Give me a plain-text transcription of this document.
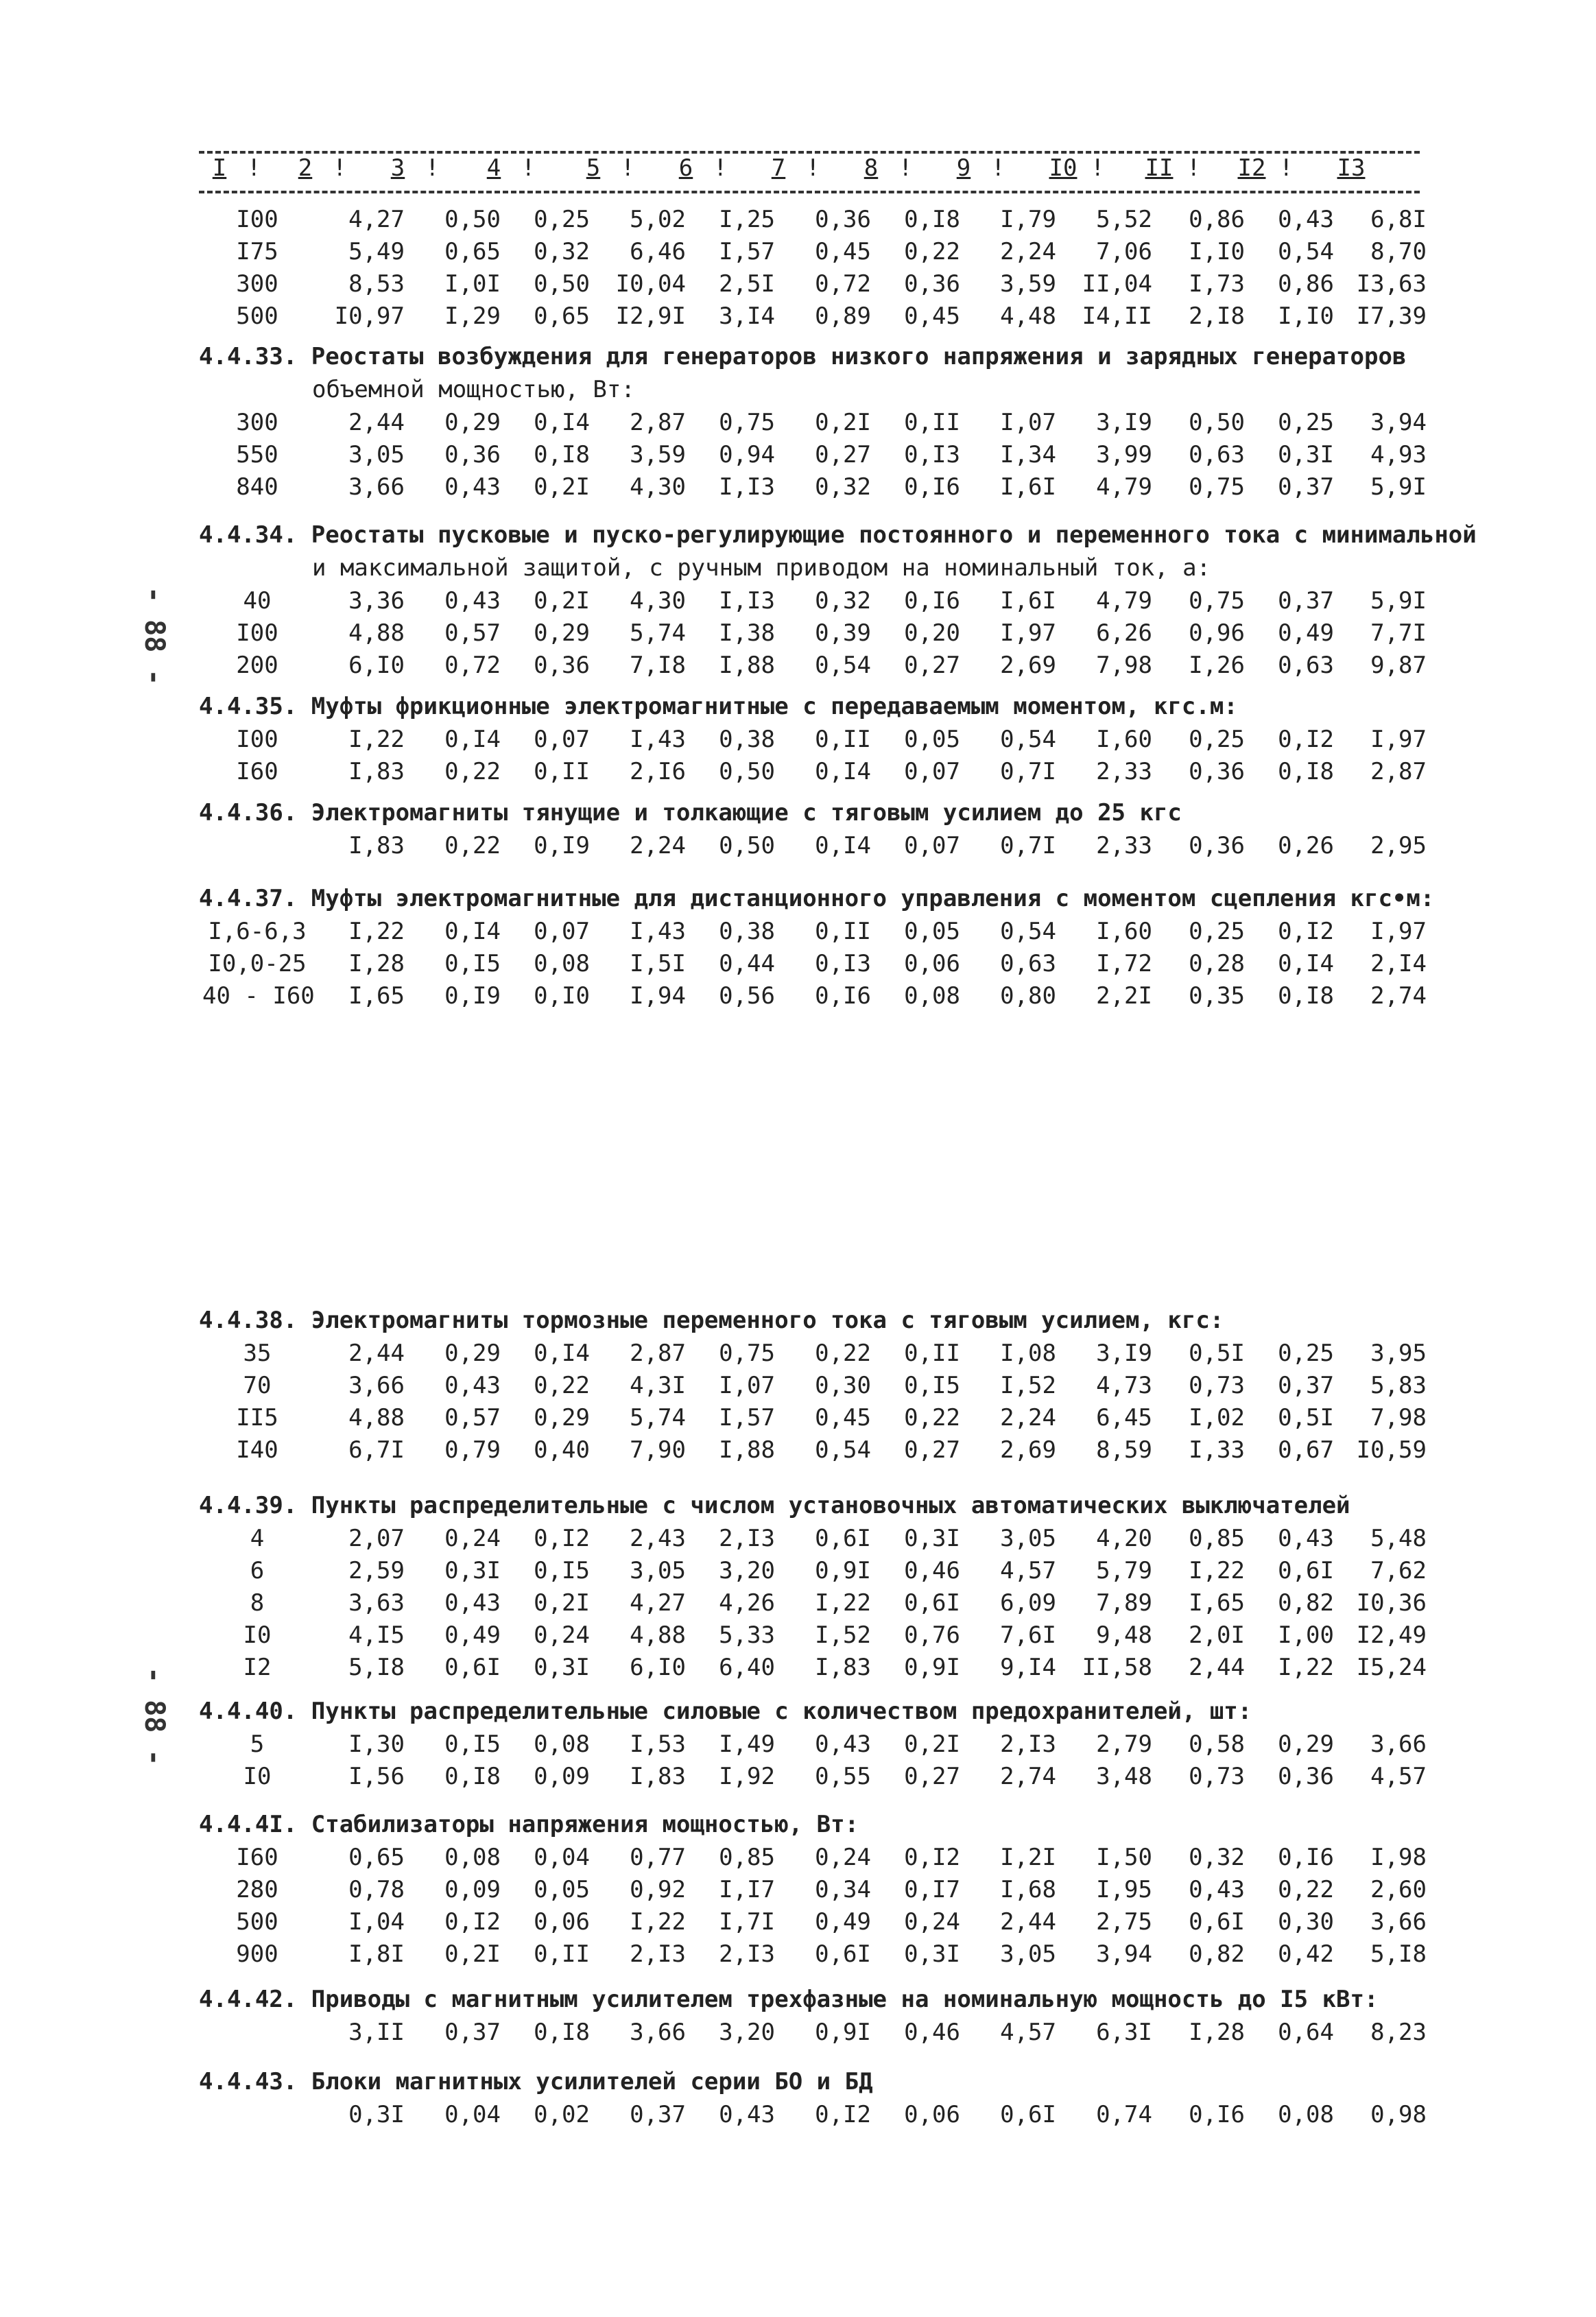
I !	2 !	3 !	4 !	5 !	6 !	7 !	8 !	9 !	I0 !	II !	I2 !	I3
- 88 -
- 88 -
I00	4,27	0,50	0,25	5,02	I,25	0,36	0,I8	I,79	5,52	0,86	0,43	6,8I
I75	5,49	0,65	0,32	6,46	I,57	0,45	0,22	2,24	7,06	I,I0	0,54	8,70
300	8,53	I,0I	0,50	I0,04	2,5I	0,72	0,36	3,59	II,04	I,73	0,86 I3,63
500	I0,97	I,29	0,65	I2,9I	3,I4	0,89	0,45	4,48	I4,II	2,I8	I,I0 I7,39
4.4.33. Реостаты возбуждения для генераторов низкого напряжения и зарядных генераторов
объемной мощностью, Вт:
300	2,44	0,29	0,I4	2,87	0,75	0,2I	0,II	I,07	3,I9	0,50	0,25	3,94
550	3,05	0,36	0,I8	3,59	0,94	0,27	0,I3	I,34	3,99	0,63	0,3I	4,93
840	3,66	0,43	0,2I	4,30	I,I3	0,32	0,I6	I,6I	4,79	0,75	0,37	5,9I
4.4.34. Реостаты пусковые и пуско-регулирующие постоянного и переменного тока с минимальной
и максимальной защитой, с ручным приводом на номинальный ток, а:
40	3,36	0,43	0,2I	4,30	I,I3	0,32	0,I6	I,6I	4,79	0,75	0,37	5,9I
I00	4,88	0,57	0,29	5,74	I,38	0,39	0,20	I,97	6,26	0,96	0,49	7,7I
200	6,I0	0,72	0,36	7,I8	I,88	0,54	0,27	2,69	7,98	I,26	0,63	9,87
4.4.35. Муфты фрикционные электромагнитные с передаваемым моментом, кгс.м:
I00	I,22	0,I4	0,07	I,43	0,38	0,II	0,05	0,54	I,60	0,25	0,I2	I,97
I60	I,83	0,22	0,II	2,I6	0,50	0,I4	0,07	0,7I	2,33	0,36	0,I8	2,87
4.4.36. Электромагниты тянущие и толкающие с тяговым усилием до 25 кгс
I,83	0,22	0,I9	2,24	0,50	0,I4	0,07	0,7I	2,33	0,36	0,26	2,95
4.4.37. Муфты электромагнитные для дистанционного управления с моментом сцепления кгс•м:
I,6-6,3	I,22	0,I4	0,07	I,43	0,38	0,II	0,05	0,54	I,60	0,25	0,I2	I,97
I0,0-25	I,28	0,I5	0,08	I,5I	0,44	0,I3	0,06	0,63	I,72	0,28	0,I4	2,I4
40 - I60	I,65	0,I9	0,I0	I,94	0,56	0,I6	0,08	0,80	2,2I	0,35	0,I8	2,74
4.4.38. Электромагниты тормозные переменного тока с тяговым усилием, кгс:
35	2,44	0,29	0,I4	2,87	0,75	0,22	0,II	I,08	3,I9	0,5I	0,25	3,95
70	3,66	0,43	0,22	4,3I	I,07	0,30	0,I5	I,52	4,73	0,73	0,37	5,83
II5	4,88	0,57	0,29	5,74	I,57	0,45	0,22	2,24	6,45	I,02	0,5I	7,98
I40	6,7I	0,79	0,40	7,90	I,88	0,54	0,27	2,69	8,59	I,33	0,67 I0,59
4.4.39. Пункты распределительные с числом установочных автоматических выключателей
4	2,07	0,24	0,I2	2,43	2,I3	0,6I	0,3I	3,05	4,20	0,85	0,43	5,48
6	2,59	0,3I	0,I5	3,05	3,20	0,9I	0,46	4,57	5,79	I,22	0,6I	7,62
8	3,63	0,43	0,2I	4,27	4,26	I,22	0,6I	6,09	7,89	I,65	0,82 I0,36
I0	4,I5	0,49	0,24	4,88	5,33	I,52	0,76	7,6I	9,48	2,0I	I,00 I2,49
I2	5,I8	0,6I	0,3I	6,I0	6,40	I,83	0,9I	9,I4	II,58	2,44	I,22 I5,24
4.4.40. Пункты распределительные силовые с количеством предохранителей, шт:
5	I,30	0,I5	0,08	I,53	I,49	0,43	0,2I	2,I3	2,79	0,58	0,29	3,66
I0	I,56	0,I8	0,09	I,83	I,92	0,55	0,27	2,74	3,48	0,73	0,36	4,57
4.4.4I. Стабилизаторы напряжения мощностью, Вт:
I60	0,65	0,08	0,04	0,77	0,85	0,24	0,I2	I,2I	I,50	0,32	0,I6	I,98
280	0,78	0,09	0,05	0,92	I,I7	0,34	0,I7	I,68	I,95	0,43	0,22	2,60
500	I,04	0,I2	0,06	I,22	I,7I	0,49	0,24	2,44	2,75	0,6I	0,30	3,66
900	I,8I	0,2I	0,II	2,I3	2,I3	0,6I	0,3I	3,05	3,94	0,82	0,42	5,I8
4.4.42. Приводы с магнитным усилителем трехфазные на номинальную мощность до I5 кВт:
3,II	0,37	0,I8	3,66	3,20	0,9I	0,46	4,57	6,3I	I,28	0,64	8,23
4.4.43. Блоки магнитных усилителей серии БО и БД
0,3I	0,04	0,02	0,37	0,43	0,I2	0,06	0,6I	0,74	0,I6	0,08	0,98
